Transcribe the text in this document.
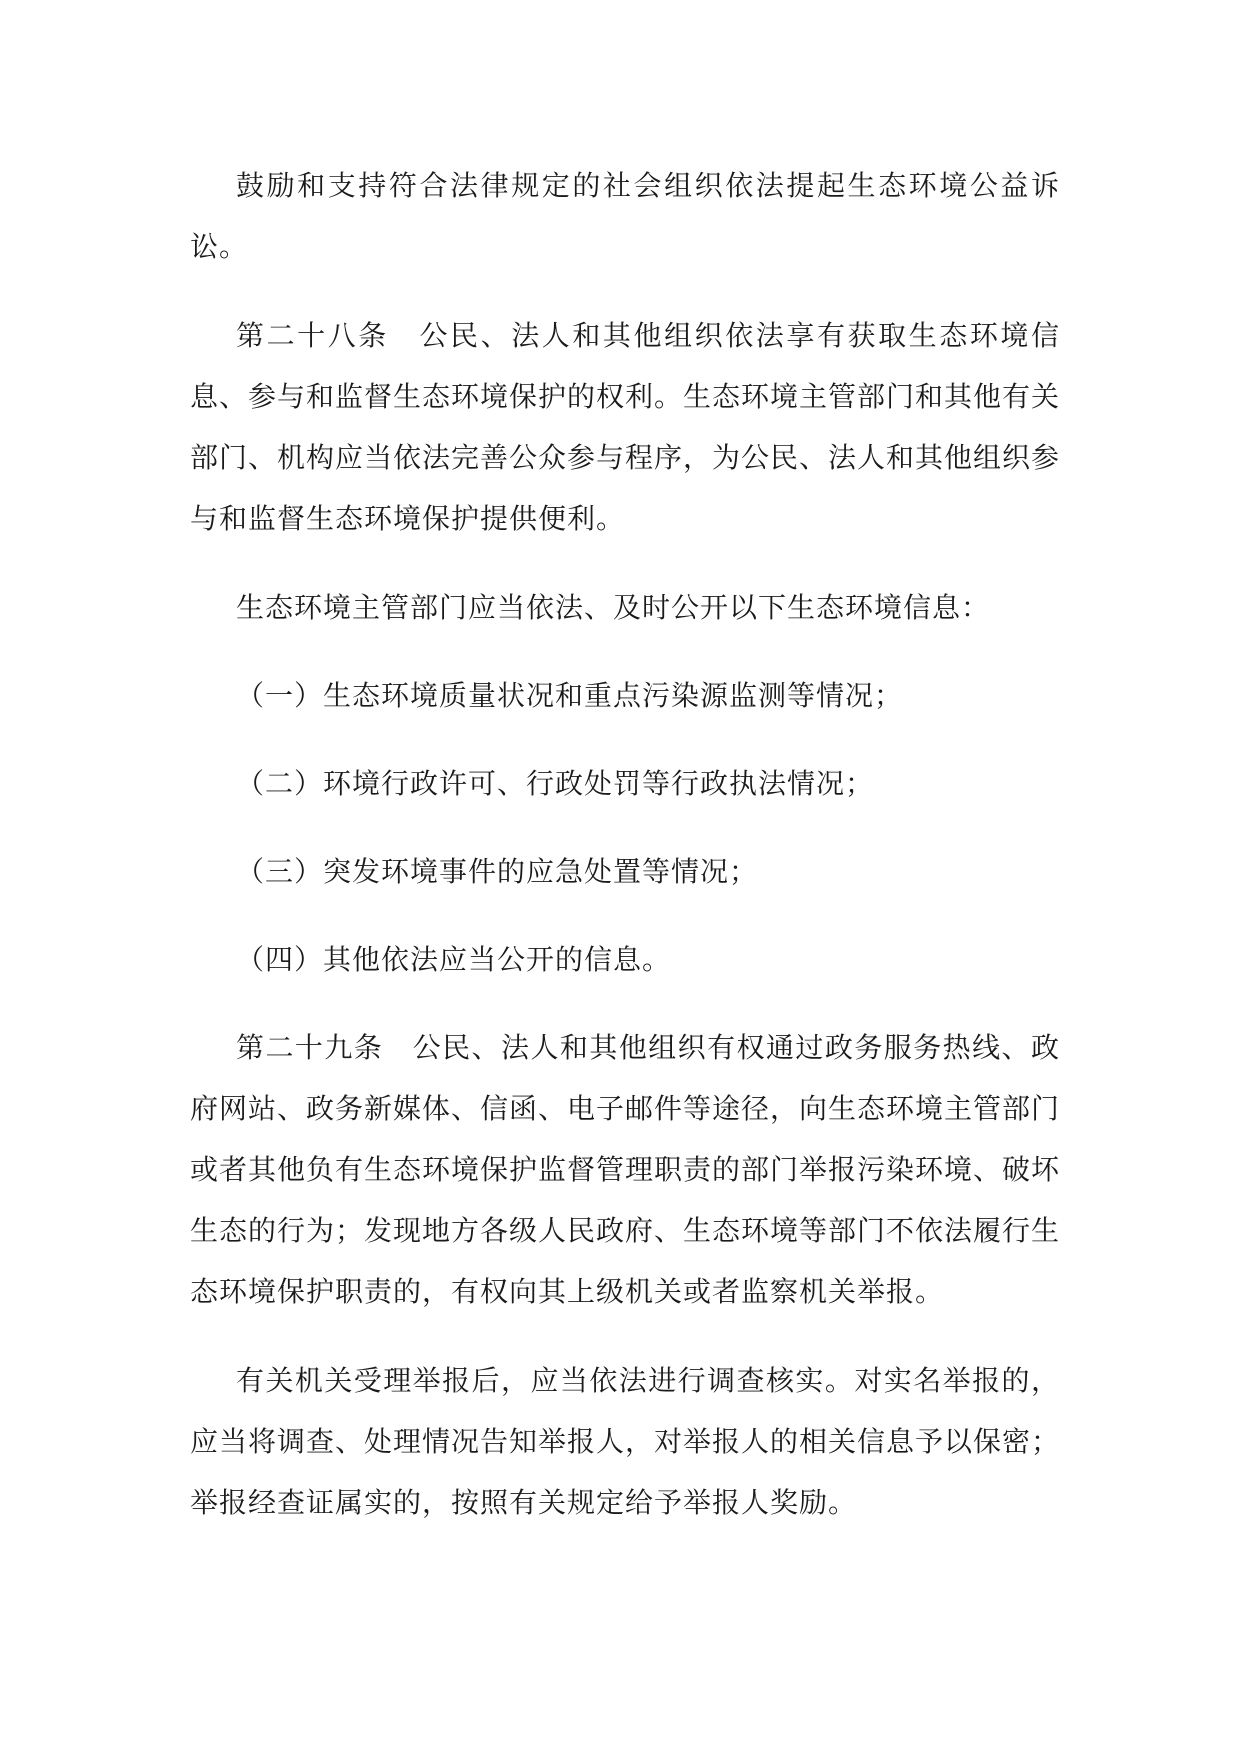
鼓励和支持符合法律规定的社会组织依法提起生态环境公益诉讼。

第二十八条　公民、法人和其他组织依法享有获取生态环境信息、参与和监督生态环境保护的权利。生态环境主管部门和其他有关部门、机构应当依法完善公众参与程序，为公民、法人和其他组织参与和监督生态环境保护提供便利。

生态环境主管部门应当依法、及时公开以下生态环境信息：

（一）生态环境质量状况和重点污染源监测等情况；

（二）环境行政许可、行政处罚等行政执法情况；

（三）突发环境事件的应急处置等情况；

（四）其他依法应当公开的信息。

第二十九条　公民、法人和其他组织有权通过政务服务热线、政府网站、政务新媒体、信函、电子邮件等途径，向生态环境主管部门或者其他负有生态环境保护监督管理职责的部门举报污染环境、破坏生态的行为；发现地方各级人民政府、生态环境等部门不依法履行生态环境保护职责的，有权向其上级机关或者监察机关举报。

有关机关受理举报后，应当依法进行调查核实。对实名举报的，应当将调查、处理情况告知举报人，对举报人的相关信息予以保密；举报经查证属实的，按照有关规定给予举报人奖励。
